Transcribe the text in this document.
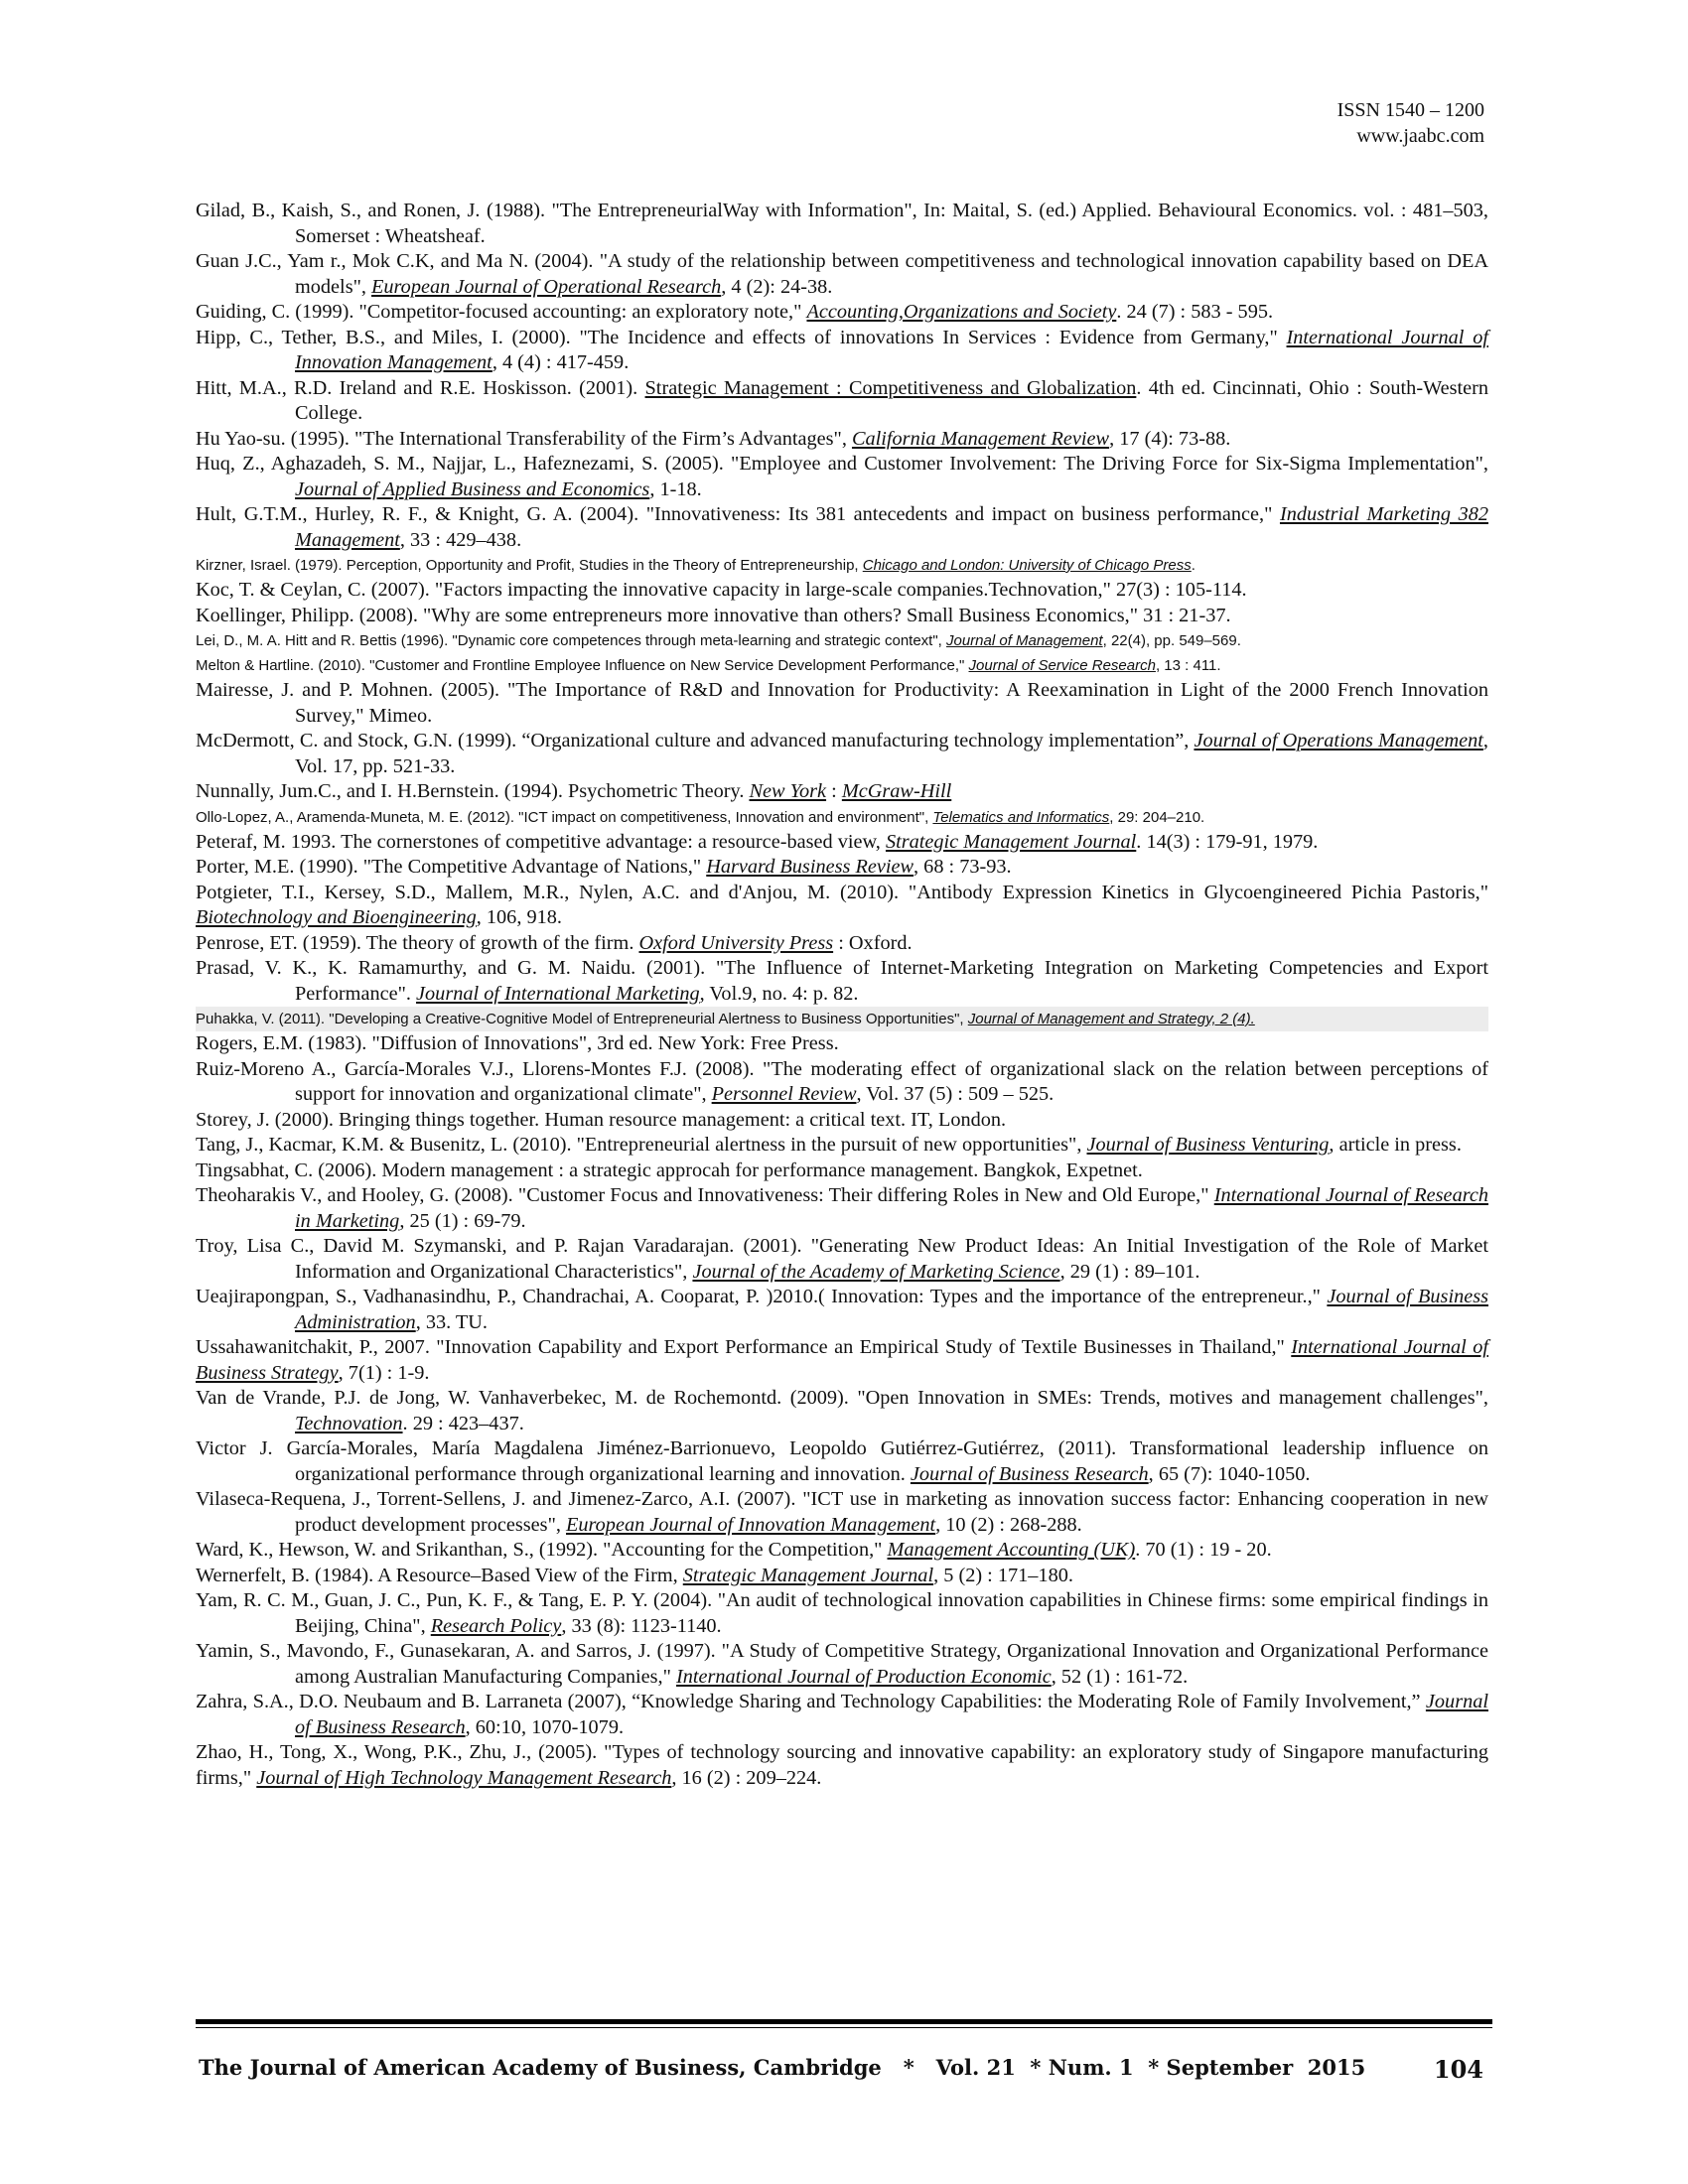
ISSN 1540 – 1200
www.jaabc.com
Gilad, B., Kaish, S., and Ronen, J. (1988). "The EntrepreneurialWay with Information", In: Maital, S. (ed.) Applied. Behavioural Economics. vol. : 481–503, Somerset : Wheatsheaf.
Guan J.C., Yam r., Mok C.K, and Ma N. (2004). "A study of the relationship between competitiveness and technological innovation capability based on DEA models", European Journal of Operational Research, 4 (2): 24-38.
Guiding, C. (1999). "Competitor-focused accounting: an exploratory note," Accounting,Organizations and Society. 24 (7) : 583 - 595.
Hipp, C., Tether, B.S., and Miles, I. (2000). "The Incidence and effects of innovations In Services : Evidence from Germany," International Journal of Innovation Management, 4 (4) : 417-459.
Hitt, M.A., R.D. Ireland and R.E. Hoskisson. (2001). Strategic Management : Competitiveness and Globalization. 4th ed. Cincinnati, Ohio : South-Western College.
Hu Yao-su. (1995). "The International Transferability of the Firm’s Advantages", California Management Review, 17 (4): 73-88.
Huq, Z., Aghazadeh, S. M., Najjar, L., Hafeznezami, S. (2005). "Employee and Customer Involvement: The Driving Force for Six-Sigma Implementation", Journal of Applied Business and Economics, 1-18.
Hult, G.T.M., Hurley, R. F., & Knight, G. A. (2004). "Innovativeness: Its 381 antecedents and impact on business performance," Industrial Marketing 382 Management, 33 : 429–438.
Kirzner, Israel. (1979). Perception, Opportunity and Profit, Studies in the Theory of Entrepreneurship, Chicago and London: University of Chicago Press.
Koc, T. & Ceylan, C. (2007). "Factors impacting the innovative capacity in large-scale companies.Technovation," 27(3) : 105-114.
Koellinger, Philipp. (2008). "Why are some entrepreneurs more innovative than others? Small Business Economics," 31 : 21-37.
Lei, D., M. A. Hitt and R. Bettis (1996). "Dynamic core competences through meta-learning and strategic context", Journal of Management, 22(4), pp. 549–569.
Melton & Hartline. (2010). "Customer and Frontline Employee Influence on New Service Development Performance," Journal of Service Research, 13 : 411.
Mairesse, J. and P. Mohnen. (2005). "The Importance of R&D and Innovation for Productivity: A Reexamination in Light of the 2000 French Innovation Survey," Mimeo.
McDermott, C. and Stock, G.N. (1999). “Organizational culture and advanced manufacturing technology implementation”, Journal of Operations Management, Vol. 17, pp. 521-33.
Nunnally, Jum.C., and I. H.Bernstein. (1994). Psychometric Theory. New York : McGraw-Hill
Ollo-Lopez, A., Aramenda-Muneta, M. E. (2012). "ICT impact on competitiveness, Innovation and environment", Telematics and Informatics, 29: 204–210.
Peteraf, M. 1993. The cornerstones of competitive advantage: a resource-based view, Strategic Management Journal. 14(3) : 179-91, 1979.
Porter, M.E. (1990). "The Competitive Advantage of Nations," Harvard Business Review, 68 : 73-93.
Potgieter, T.I., Kersey, S.D., Mallem, M.R., Nylen, A.C. and d'Anjou, M. (2010). "Antibody Expression Kinetics in Glycoengineered Pichia Pastoris," Biotechnology and Bioengineering, 106, 918.
Penrose, ET. (1959). The theory of growth of the firm. Oxford University Press : Oxford.
Prasad, V. K., K. Ramamurthy, and G. M. Naidu. (2001). "The Influence of Internet-Marketing Integration on Marketing Competencies and Export Performance". Journal of International Marketing, Vol.9, no. 4: p. 82.
Puhakka, V. (2011). "Developing a Creative-Cognitive Model of Entrepreneurial Alertness to Business Opportunities", Journal of Management and Strategy, 2 (4).
Rogers, E.M. (1983). "Diffusion of Innovations", 3rd ed. New York: Free Press.
Ruiz-Moreno A., García-Morales V.J., Llorens-Montes F.J. (2008). "The moderating effect of organizational slack on the relation between perceptions of support for innovation and organizational climate", Personnel Review, Vol. 37 (5) : 509 – 525.
Storey, J. (2000). Bringing things together. Human resource management: a critical text. IT, London.
Tang, J., Kacmar, K.M. & Busenitz, L. (2010). "Entrepreneurial alertness in the pursuit of new opportunities", Journal of Business Venturing, article in press.
Tingsabhat, C. (2006). Modern management : a strategic approcah for performance management. Bangkok, Expetnet.
Theoharakis V., and Hooley, G. (2008). "Customer Focus and Innovativeness: Their differing Roles in New and Old Europe," International Journal of Research in Marketing, 25 (1) : 69-79.
Troy, Lisa C., David M. Szymanski, and P. Rajan Varadarajan. (2001). "Generating New Product Ideas: An Initial Investigation of the Role of Market Information and Organizational Characteristics", Journal of the Academy of Marketing Science, 29 (1) : 89–101.
Ueajirapongpan, S., Vadhanasindhu, P., Chandrachai, A. Cooparat, P. )2010.( Innovation: Types and the importance of the entrepreneur.," Journal of Business Administration, 33. TU.
Ussahawanitchakit, P., 2007. "Innovation Capability and Export Performance an Empirical Study of Textile Businesses in Thailand," International Journal of Business Strategy, 7(1) : 1-9.
Van de Vrande, P.J. de Jong, W. Vanhaverbekec, M. de Rochemontd. (2009). "Open Innovation in SMEs: Trends, motives and management challenges", Technovation. 29 : 423–437.
Victor J. García-Morales, María Magdalena Jiménez-Barrionuevo, Leopoldo Gutiérrez-Gutiérrez, (2011). Transformational leadership influence on organizational performance through organizational learning and innovation. Journal of Business Research, 65 (7): 1040-1050.
Vilaseca-Requena, J., Torrent-Sellens, J. and Jimenez-Zarco, A.I. (2007). "ICT use in marketing as innovation success factor: Enhancing cooperation in new product development processes", European Journal of Innovation Management, 10 (2) : 268-288.
Ward, K., Hewson, W. and Srikanthan, S., (1992). "Accounting for the Competition," Management Accounting (UK). 70 (1) : 19 - 20.
Wernerfelt, B. (1984). A Resource–Based View of the Firm, Strategic Management Journal, 5 (2) : 171–180.
Yam, R. C. M., Guan, J. C., Pun, K. F., & Tang, E. P. Y. (2004). "An audit of technological innovation capabilities in Chinese firms: some empirical findings in Beijing, China", Research Policy, 33 (8): 1123-1140.
Yamin, S., Mavondo, F., Gunasekaran, A. and Sarros, J. (1997). "A Study of Competitive Strategy, Organizational Innovation and Organizational Performance among Australian Manufacturing Companies," International Journal of Production Economic, 52 (1) : 161-72.
Zahra, S.A., D.O. Neubaum and B. Larraneta (2007), “Knowledge Sharing and Technology Capabilities: the Moderating Role of Family Involvement,” Journal of Business Research, 60:10, 1070-1079.
Zhao, H., Tong, X., Wong, P.K., Zhu, J., (2005). "Types of technology sourcing and innovative capability: an exploratory study of Singapore manufacturing firms," Journal of High Technology Management Research, 16 (2) : 209–224.
The Journal of American Academy of Business, Cambridge   *   Vol. 21  * Num. 1  * September  2015	104
